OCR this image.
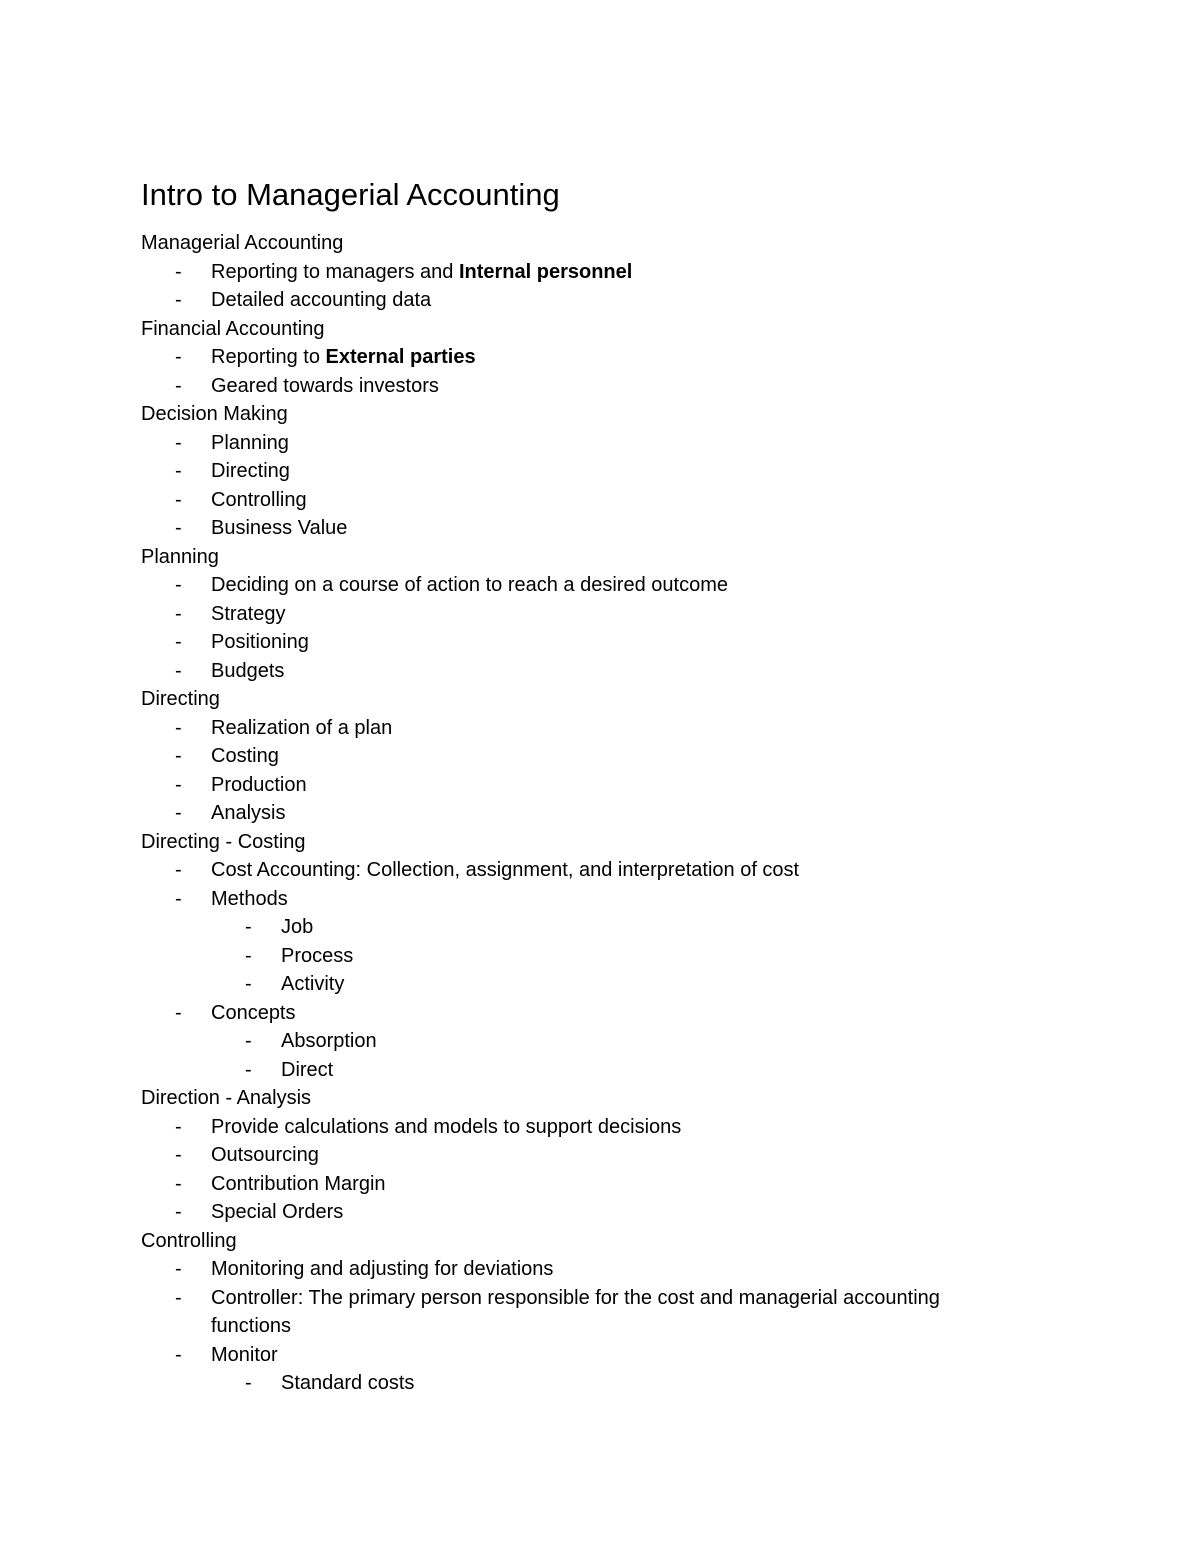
Intro to Managerial Accounting
Managerial Accounting
-	Reporting to managers and Internal personnel
-	Detailed accounting data
Financial Accounting
-	Reporting to External parties
-	Geared towards investors
Decision Making
-	Planning
-	Directing
-	Controlling
-	Business Value
Planning
-	Deciding on a course of action to reach a desired outcome
-	Strategy
-	Positioning
-	Budgets
Directing
-	Realization of a plan
-	Costing
-	Production
-	Analysis
Directing - Costing
-	Cost Accounting: Collection, assignment, and interpretation of cost
-	Methods
-	Job
-	Process
-	Activity
-	Concepts
-	Absorption
-	Direct
Direction - Analysis
-	Provide calculations and models to support decisions
-	Outsourcing
-	Contribution Margin
-	Special Orders
Controlling
-	Monitoring and adjusting for deviations
-	Controller: The primary person responsible for the cost and managerial accounting functions
-	Monitor
-	Standard costs
